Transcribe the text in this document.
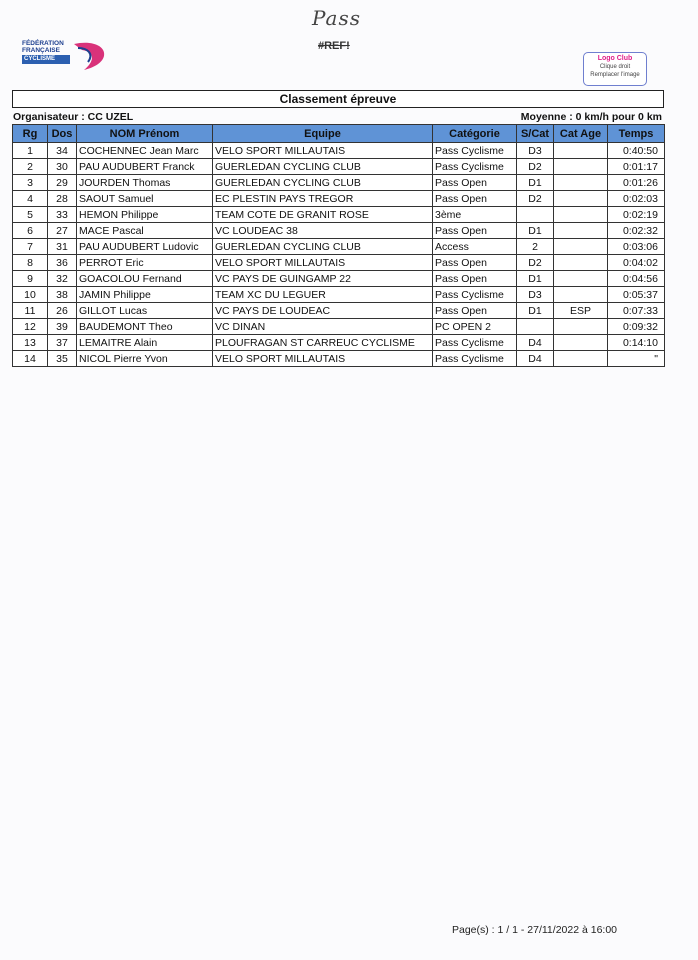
Pass
#REF!
FÉDÉRATION
FRANÇAISE
CYCLISME	Logo Club
Clique droit
Remplacer l'image
Classement épreuve
Organisateur : CC UZEL	Moyenne : 0 km/h pour 0 km
Rg	Dos	NOM Prénom	Equipe	Catégorie	S/Cat	Cat Age	Temps
1	34	COCHENNEC Jean Marc	VELO SPORT MILLAUTAIS	Pass Cyclisme	D3		0:40:50
2	30	PAU AUDUBERT Franck	GUERLEDAN CYCLING CLUB	Pass Cyclisme	D2		0:01:17
3	29	JOURDEN Thomas	GUERLEDAN CYCLING CLUB	Pass Open	D1		0:01:26
4	28	SAOUT Samuel	EC PLESTIN PAYS TREGOR	Pass Open	D2		0:02:03
5	33	HEMON Philippe	TEAM COTE DE GRANIT ROSE	3ème			0:02:19
6	27	MACE Pascal	VC LOUDEAC 38	Pass Open	D1		0:02:32
7	31	PAU AUDUBERT Ludovic	GUERLEDAN CYCLING CLUB	Access	2		0:03:06
8	36	PERROT Eric	VELO SPORT MILLAUTAIS	Pass Open	D2		0:04:02
9	32	GOACOLOU Fernand	VC PAYS DE GUINGAMP 22	Pass Open	D1		0:04:56
10	38	JAMIN Philippe	TEAM XC DU LEGUER	Pass Cyclisme	D3		0:05:37
11	26	GILLOT Lucas	VC PAYS DE LOUDEAC	Pass Open	D1	ESP	0:07:33
12	39	BAUDEMONT Theo	VC DINAN	PC OPEN 2			0:09:32
13	37	LEMAITRE Alain	PLOUFRAGAN ST CARREUC CYCLISME	Pass Cyclisme	D4		0:14:10
14	35	NICOL Pierre Yvon	VELO SPORT MILLAUTAIS	Pass Cyclisme	D4		"
Page(s) : 1 / 1 - 27/11/2022 à 16:00
